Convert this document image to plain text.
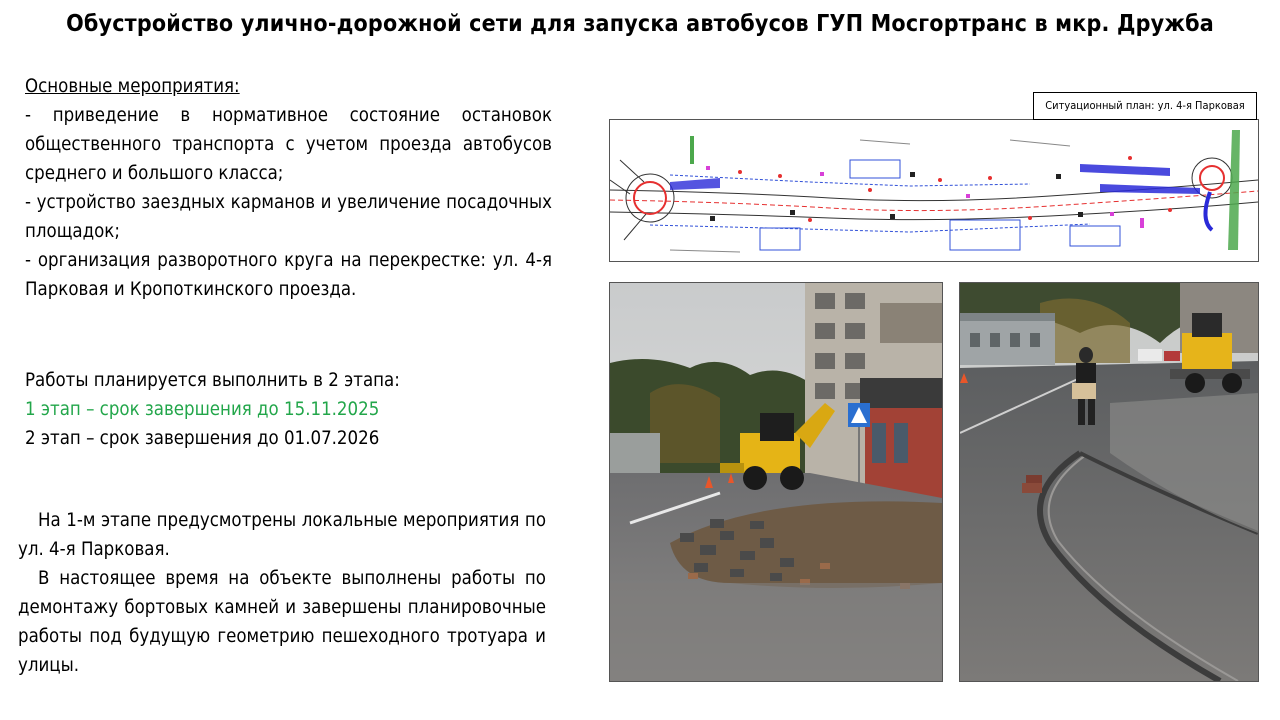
Обустройство улично-дорожной сети для запуска автобусов ГУП Мосгортранс в мкр. Дружба
Основные мероприятия:
- приведение в нормативное состояние остановок общественного транспорта с учетом проезда автобусов среднего и большого класса;
- устройство заездных карманов и увеличение посадочных площадок;
- организация разворотного круга на перекрестке: ул. 4-я Парковая и Кропоткинского проезда.
Работы планируется выполнить в 2 этапа:
1 этап – срок завершения до 15.11.2025
2 этап – срок завершения до 01.07.2026
На 1-м этапе предусмотрены локальные мероприятия по ул. 4-я Парковая.
В настоящее время на объекте выполнены работы по демонтажу бортовых камней и завершены планировочные работы под будущую геометрию пешеходного тротуара и улицы.
Ситуационный план: ул. 4-я Парковая
